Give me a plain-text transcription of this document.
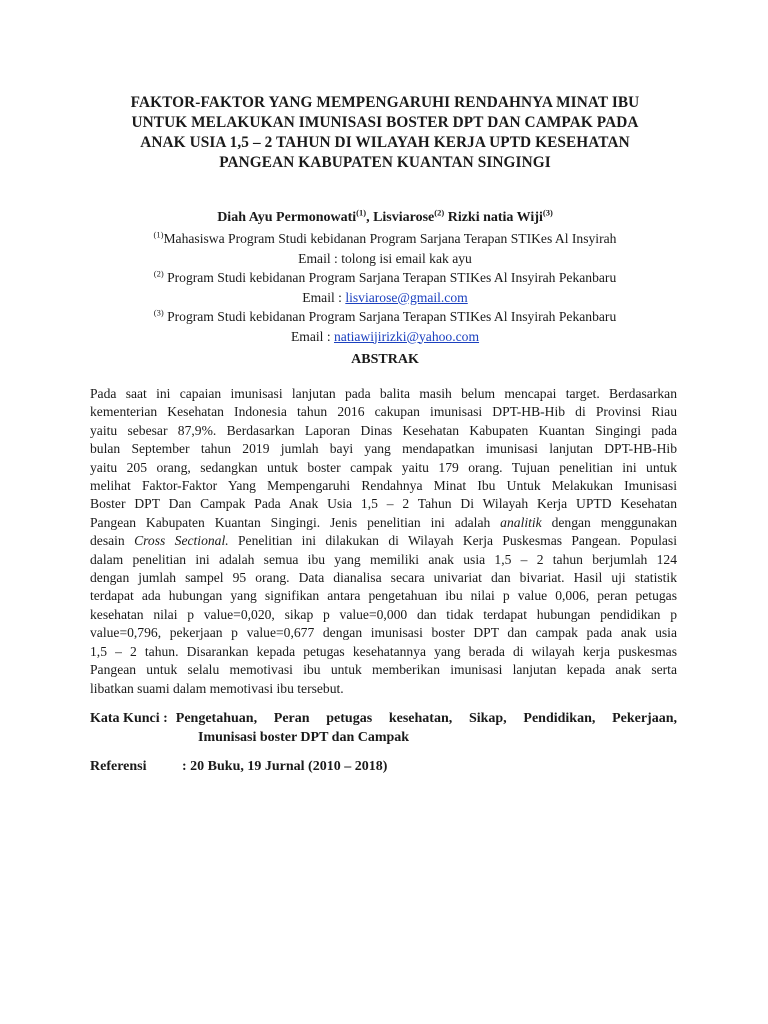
FAKTOR-FAKTOR YANG MEMPENGARUHI RENDAHNYA MINAT IBU
UNTUK MELAKUKAN IMUNISASI BOSTER DPT DAN CAMPAK PADA
ANAK USIA 1,5 – 2 TAHUN DI WILAYAH KERJA UPTD KESEHATAN
PANGEAN KABUPATEN KUANTAN SINGINGI
Diah Ayu Permonowati$^{(1)}$, Lisviarose$^{(2)}$ Rizki natia Wiji$^{(3)}$
$^{(1)}$Mahasiswa Program Studi kebidanan Program Sarjana Terapan STIKes Al Insyirah
Email : tolong isi email kak ayu
$^{(2)}$ Program Studi kebidanan Program Sarjana Terapan STIKes Al Insyirah Pekanbaru
Email : lisviarose@gmail.com
$^{(3)}$ Program Studi kebidanan Program Sarjana Terapan STIKes Al Insyirah Pekanbaru
Email : natiawijirizki@yahoo.com
ABSTRAK
Pada saat ini capaian imunisasi lanjutan pada balita masih belum mencapai target. Berdasarkan
kementerian Kesehatan Indonesia tahun 2016 cakupan imunisasi DPT-HB-Hib di Provinsi Riau
yaitu sebesar 87,9%. Berdasarkan Laporan Dinas Kesehatan Kabupaten Kuantan Singingi pada
bulan September tahun 2019 jumlah bayi yang mendapatkan imunisasi lanjutan DPT-HB-Hib
yaitu 205 orang, sedangkan untuk boster campak yaitu 179 orang. Tujuan penelitian ini untuk
melihat Faktor-Faktor Yang Mempengaruhi Rendahnya Minat Ibu Untuk Melakukan Imunisasi
Boster DPT Dan Campak Pada Anak Usia 1,5 – 2 Tahun Di Wilayah Kerja UPTD Kesehatan
Pangean Kabupaten Kuantan Singingi. Jenis penelitian ini adalah analitik dengan menggunakan
desain Cross Sectional. Penelitian ini dilakukan di Wilayah Kerja Puskesmas Pangean. Populasi
dalam penelitian ini adalah semua ibu yang memiliki anak usia 1,5 – 2 tahun berjumlah 124
dengan jumlah sampel 95 orang. Data dianalisa secara univariat dan bivariat. Hasil uji statistik
terdapat ada hubungan yang signifikan antara pengetahuan ibu nilai p value 0,006, peran petugas
kesehatan nilai p value=0,020, sikap p value=0,000 dan tidak terdapat hubungan pendidikan p
value=0,796, pekerjaan p value=0,677 dengan imunisasi boster DPT dan campak pada anak usia
1,5 – 2 tahun. Disarankan kepada petugas kesehatannya yang berada di wilayah kerja puskesmas
Pangean untuk selalu memotivasi ibu untuk memberikan imunisasi lanjutan kepada anak serta
libatkan suami dalam memotivasi ibu tersebut.
Kata Kunci : Pengetahuan, Peran petugas kesehatan, Sikap, Pendidikan, Pekerjaan,
Imunisasi boster DPT dan Campak
Referensi	: 20 Buku, 19 Jurnal (2010 – 2018)
